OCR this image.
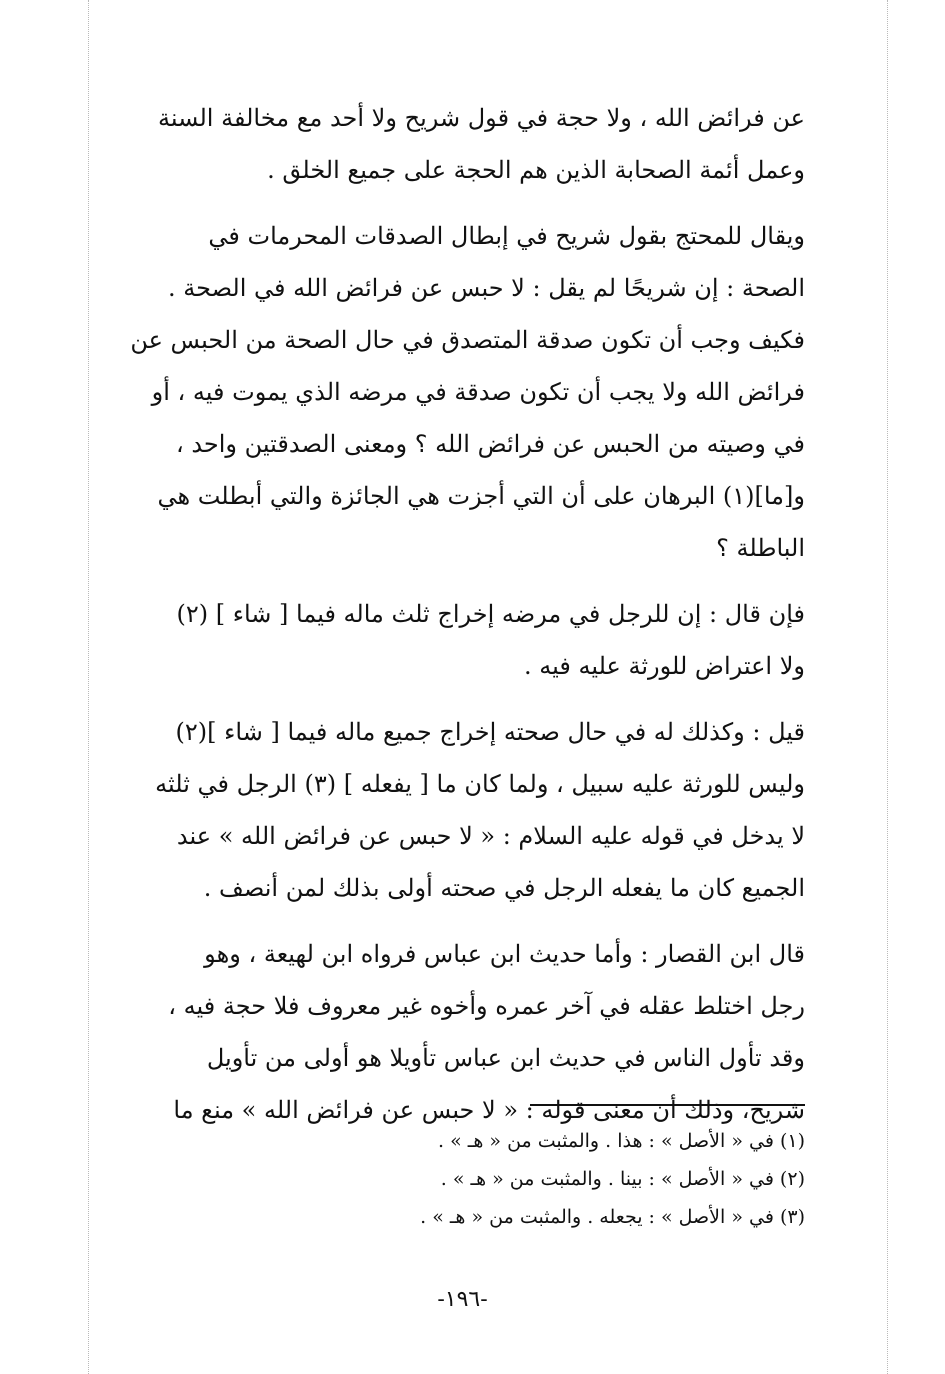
عن فرائض الله ، ولا حجة في قول شريح ولا أحد مع مخالفة السنة
وعمل أئمة الصحابة الذين هم الحجة على جميع الخلق .
ويقال للمحتج بقول شريح في إبطال الصدقات المحرمات في
الصحة : إن شريحًا لم يقل : لا حبس عن فرائض الله في الصحة .
فكيف وجب أن تكون صدقة المتصدق في حال الصحة من الحبس عن
فرائض الله ولا يجب أن تكون صدقة في مرضه الذي يموت فيه ، أو
في وصيته من الحبس عن فرائض الله ؟ ومعنى الصدقتين واحد ،
و[ما](١) البرهان على أن التي أجزت هي الجائزة والتي أبطلت هي
الباطلة ؟
فإن قال : إن للرجل في مرضه إخراج ثلث ماله فيما [ شاء ] (٢)
ولا اعتراض للورثة عليه فيه .
قيل : وكذلك له في حال صحته إخراج جميع ماله فيما [ شاء ](٢)
وليس للورثة عليه سبيل ، ولما كان ما [ يفعله ] (٣) الرجل في ثلثه
لا يدخل في قوله عليه السلام : « لا حبس عن فرائض الله » عند
الجميع كان ما يفعله الرجل في صحته أولى بذلك لمن أنصف .
قال ابن القصار : وأما حديث ابن عباس فرواه ابن لهيعة ، وهو
رجل اختلط عقله في آخر عمره وأخوه غير معروف فلا حجة فيه ،
وقد تأول الناس في حديث ابن عباس تأويلا هو أولى من تأويل
شريح، وذلك أن معنى قوله : « لا حبس عن فرائض الله » منع ما
(١) في « الأصل » : هذا . والمثبت من « هـ » .
(٢) في « الأصل » : بينا . والمثبت من « هـ » .
(٣) في « الأصل » : يجعله . والمثبت من « هـ » .
-١٩٦-
